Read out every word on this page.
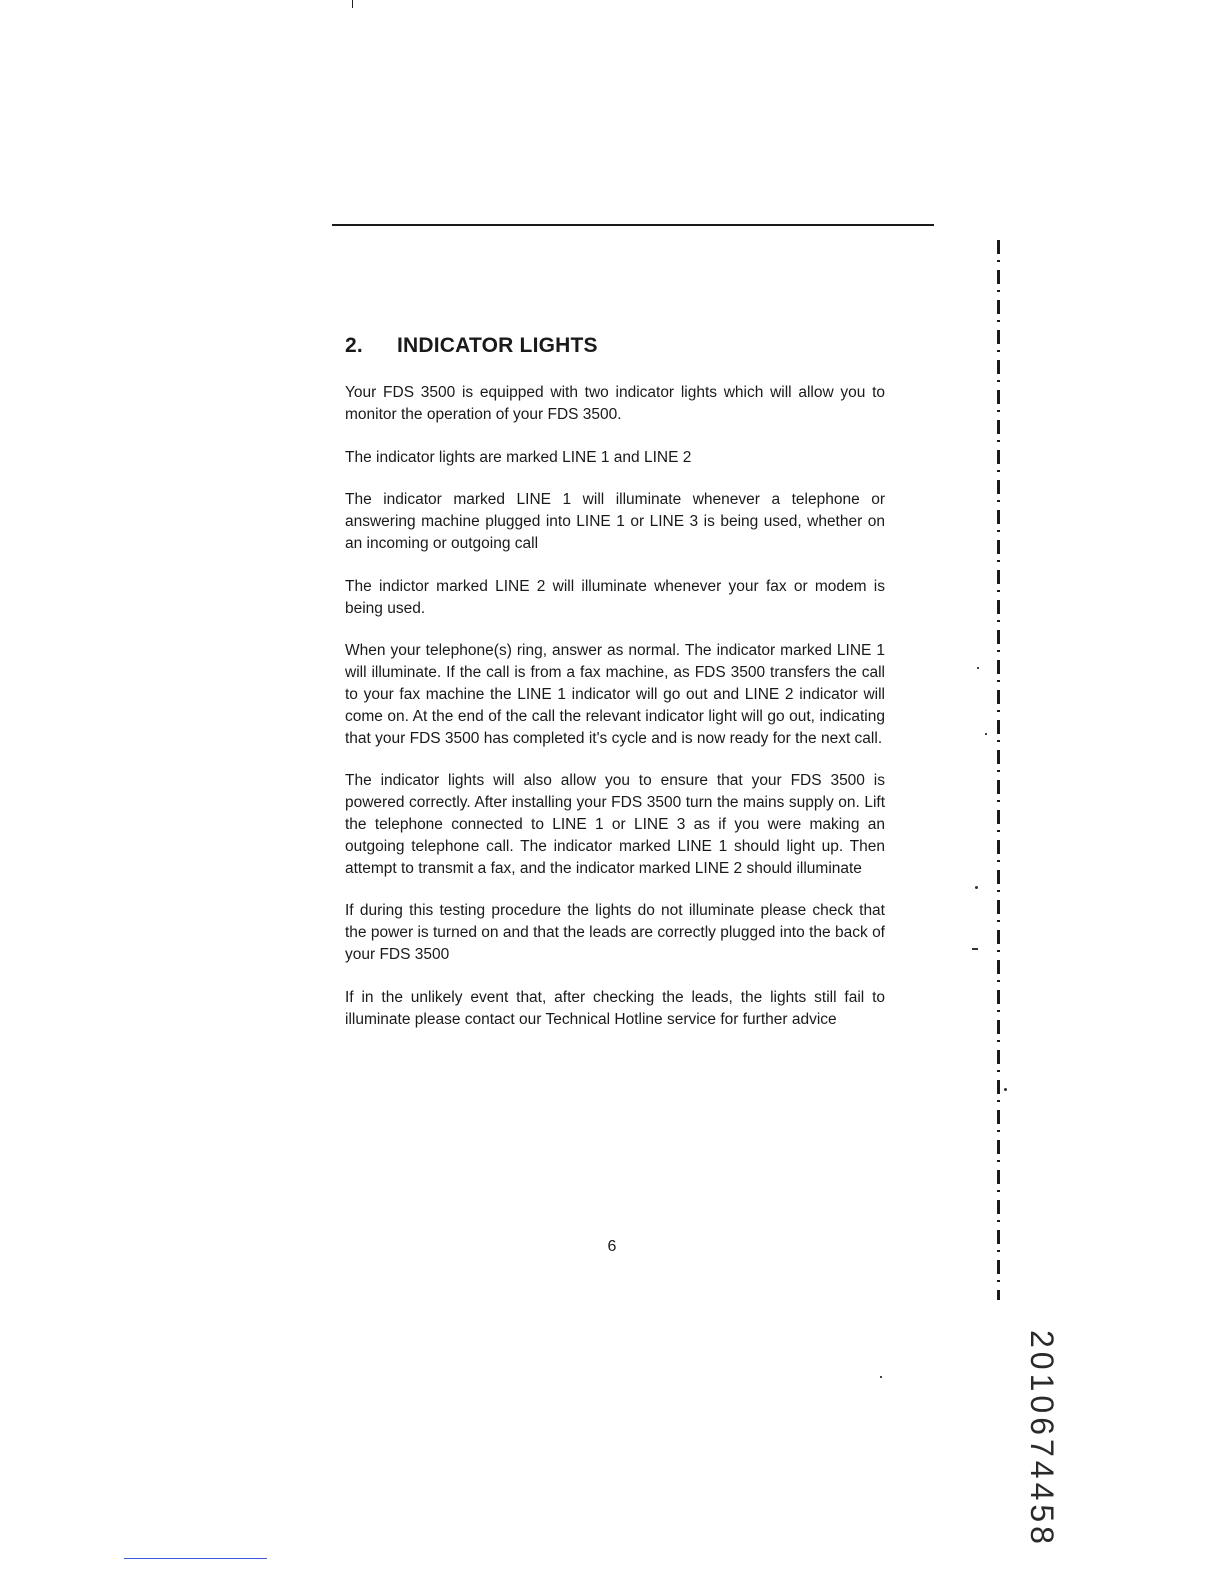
2.	INDICATOR LIGHTS

Your FDS 3500 is equipped with two indicator lights which will allow you to monitor the operation of your FDS 3500.

The indicator lights are marked LINE 1 and LINE 2

The indicator marked LINE 1 will illuminate whenever a telephone or answering machine plugged into LINE 1 or LINE 3 is being used, whether on an incoming or outgoing call

The indictor marked LINE 2 will illuminate whenever your fax or modem is being used.

When your telephone(s) ring, answer as normal. The indicator marked LINE 1 will illuminate. If the call is from a fax machine, as FDS 3500 transfers the call to your fax machine the LINE 1 indicator will go out and LINE 2 indicator will come on. At the end of the call the relevant indicator light will go out, indicating that your FDS 3500 has completed it's cycle and is now ready for the next call.

The indicator lights will also allow you to ensure that your FDS 3500 is powered correctly. After installing your FDS 3500 turn the mains supply on. Lift the telephone connected to LINE 1 or LINE 3 as if you were making an outgoing telephone call. The indicator marked LINE 1 should light up. Then attempt to transmit a fax, and the indicator marked LINE 2 should illuminate

If during this testing procedure the lights do not illuminate please check that the power is turned on and that the leads are correctly plugged into the back of your FDS 3500

If in the unlikely event that, after checking the leads, the lights still fail to illuminate please contact our Technical Hotline service for further advice

6
2010674458
